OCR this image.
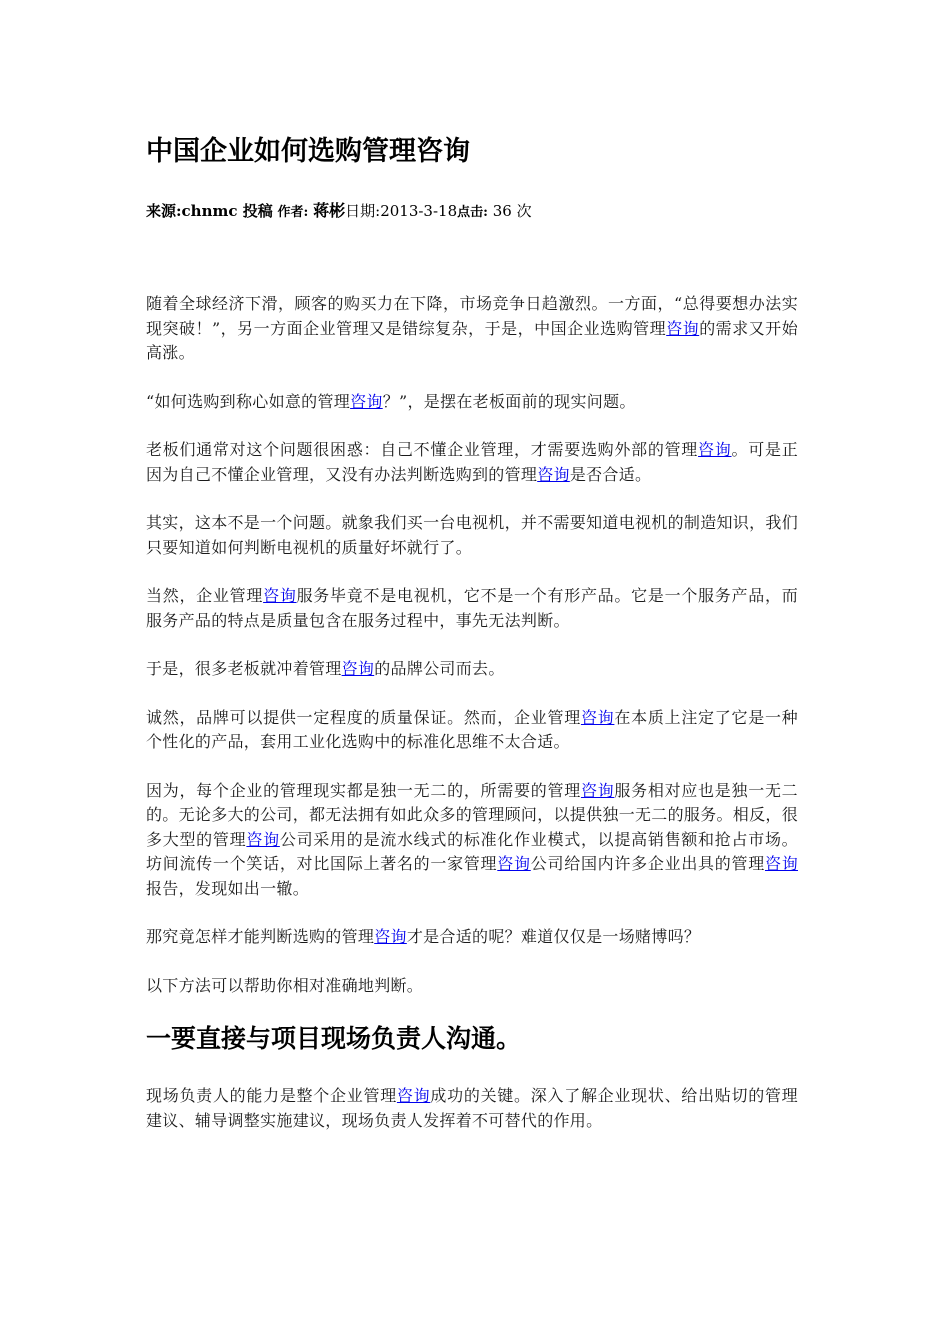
中国企业如何选购管理咨询
来源:chnmc 投稿 作者: 蒋彬日期:2013-3-18点击: 36 次

随着全球经济下滑，顾客的购买力在下降，市场竞争日趋激烈。一方面，“总得要想办法实现突破！”，另一方面企业管理又是错综复杂，于是，中国企业选购管理咨询的需求又开始高涨。

“如何选购到称心如意的管理咨询？”，是摆在老板面前的现实问题。

老板们通常对这个问题很困惑：自己不懂企业管理，才需要选购外部的管理咨询。可是正因为自己不懂企业管理，又没有办法判断选购到的管理咨询是否合适。

其实，这本不是一个问题。就象我们买一台电视机，并不需要知道电视机的制造知识，我们只要知道如何判断电视机的质量好坏就行了。

当然，企业管理咨询服务毕竟不是电视机，它不是一个有形产品。它是一个服务产品，而服务产品的特点是质量包含在服务过程中，事先无法判断。

于是，很多老板就冲着管理咨询的品牌公司而去。

诚然，品牌可以提供一定程度的质量保证。然而，企业管理咨询在本质上注定了它是一种个性化的产品，套用工业化选购中的标准化思维不太合适。

因为，每个企业的管理现实都是独一无二的，所需要的管理咨询服务相对应也是独一无二的。无论多大的公司，都无法拥有如此众多的管理顾问，以提供独一无二的服务。相反，很多大型的管理咨询公司采用的是流水线式的标准化作业模式，以提高销售额和抢占市场。坊间流传一个笑话，对比国际上著名的一家管理咨询公司给国内许多企业出具的管理咨询报告，发现如出一辙。

那究竟怎样才能判断选购的管理咨询才是合适的呢？难道仅仅是一场赌博吗？

以下方法可以帮助你相对准确地判断。

一要直接与项目现场负责人沟通。

现场负责人的能力是整个企业管理咨询成功的关键。深入了解企业现状、给出贴切的管理建议、辅导调整实施建议，现场负责人发挥着不可替代的作用。
